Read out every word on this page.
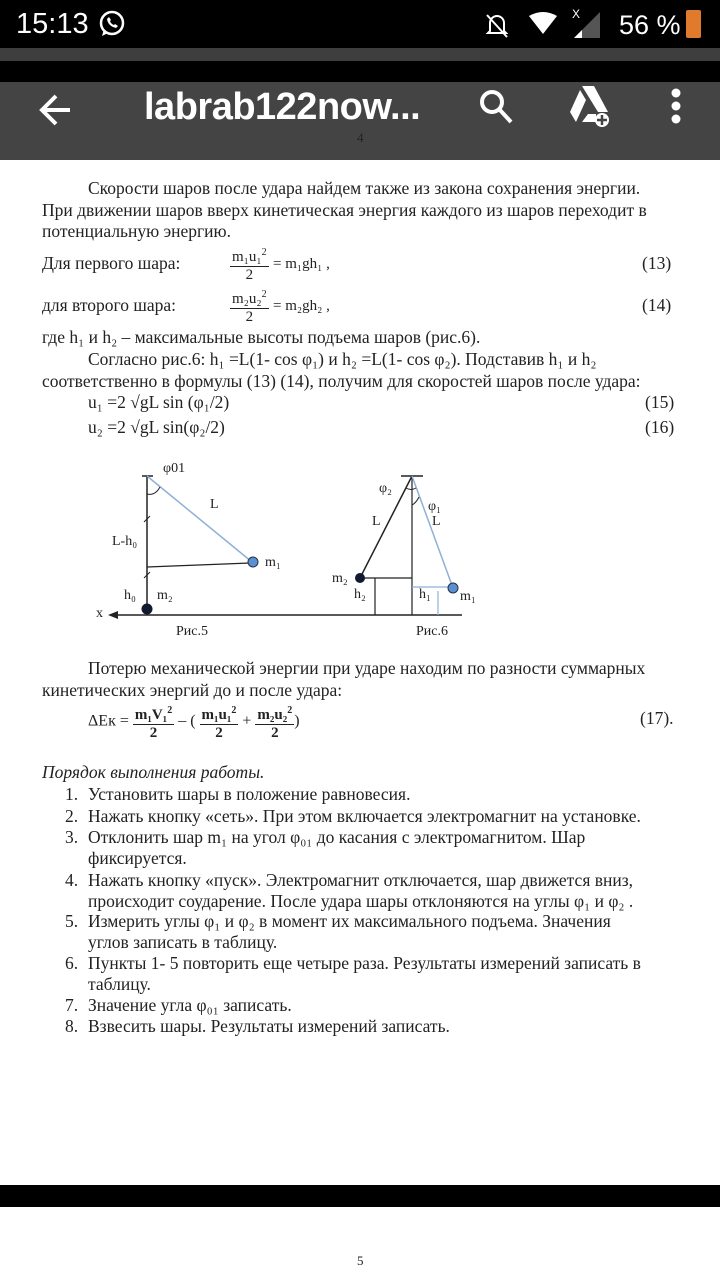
15:13	X 56 %
labrab122now...
4
Скорости шаров после удара найдем также из закона сохранения энергии.
При движении шаров вверх кинетическая энергия каждого из шаров переходит в
потенциальную энергию.
Для первого шара:	$\frac{m_1u_1^2}{2} = m_1gh_1$ ,	(13)
для второго шара:	$\frac{m_2u_2^2}{2} = m_2gh_2$ ,	(14)
где h₁ и h₂ – максимальные высоты подъема шаров (рис.6).
Согласно рис.6: h₁ =L(1- cos φ₁) и h₂ =L(1- cos φ₂). Подставив h₁ и h₂
соответственно в формулы (13) (14), получим для скоростей шаров после удара:
u₁ =2 √gL sin (φ₁/2)	(15)
u₂ =2 √gL sin(φ₂/2)	(16)
φ01
L
L-h₀
m₁
h₀ m₂
x
Рис.5
φ₂
φ₁
L	L
m₂
h₂	h₁ m₁
Рис.6
Потерю механической энергии при ударе находим по разности суммарных
кинетических энергий до и после удара:
$\Delta Eк = \frac{m_1V_1^2}{2}$ – ( $\frac{m_1u_1^2}{2} + \frac{m_2u_2^2}{2}$ )	(17).
Порядок выполнения работы.
1. Установить шары в положение равновесия.
2. Нажать кнопку «сеть». При этом включается электромагнит на установке.
3. Отклонить шар m₁ на угол φ₀₁ до касания с электромагнитом. Шар
фиксируется.
4. Нажать кнопку «пуск». Электромагнит отключается, шар движется вниз,
происходит соударение. После удара шары отклоняются на углы φ₁ и φ₂ .
5. Измерить углы φ₁ и φ₂ в момент их максимального подъема. Значения
углов записать в таблицу.
6. Пункты 1- 5 повторить еще четыре раза. Результаты измерений записать в
таблицу.
7. Значение угла φ₀₁ записать.
8. Взвесить шары. Результаты измерений записать.
5
